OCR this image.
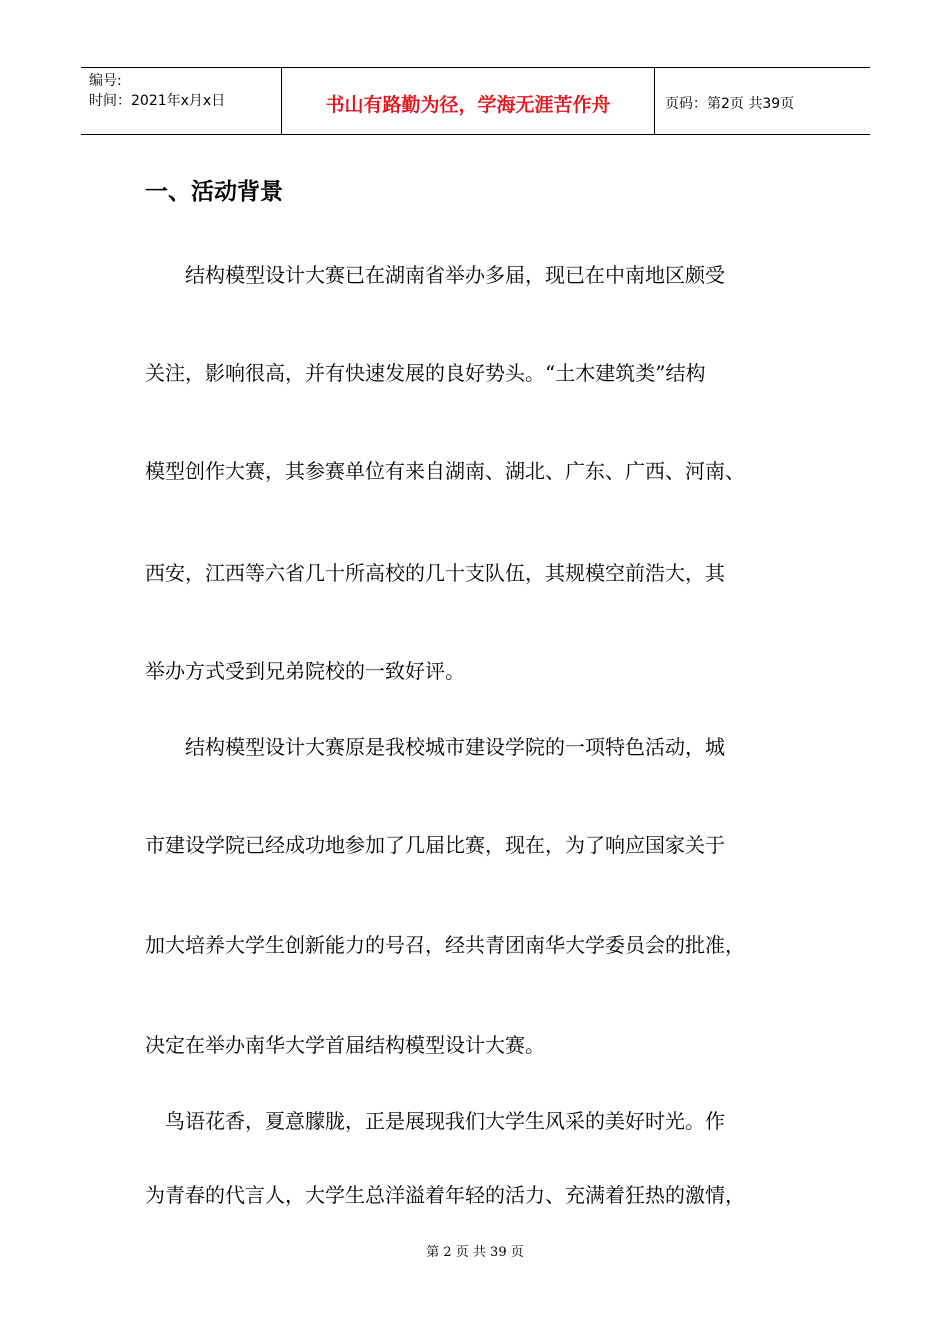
编号:
时间：2021年x月x日	书山有路勤为径，学海无涯苦作舟	页码：第2页 共39页
一、活动背景

　　结构模型设计大赛已在湖南省举办多届，现已在中南地区颇受

关注，影响很高，并有快速发展的良好势头。“土木建筑类”结构

模型创作大赛，其参赛单位有来自湖南、湖北、广东、广西、河南、

西安，江西等六省几十所高校的几十支队伍，其规模空前浩大，其

举办方式受到兄弟院校的一致好评。

　　结构模型设计大赛原是我校城市建设学院的一项特色活动，城

市建设学院已经成功地参加了几届比赛，现在，为了响应国家关于

加大培养大学生创新能力的号召，经共青团南华大学委员会的批准，

决定在举办南华大学首届结构模型设计大赛。

　鸟语花香，夏意朦胧，正是展现我们大学生风采的美好时光。作

为青春的代言人，大学生总洋溢着年轻的活力、充满着狂热的激情，

第 2 页 共 39 页
